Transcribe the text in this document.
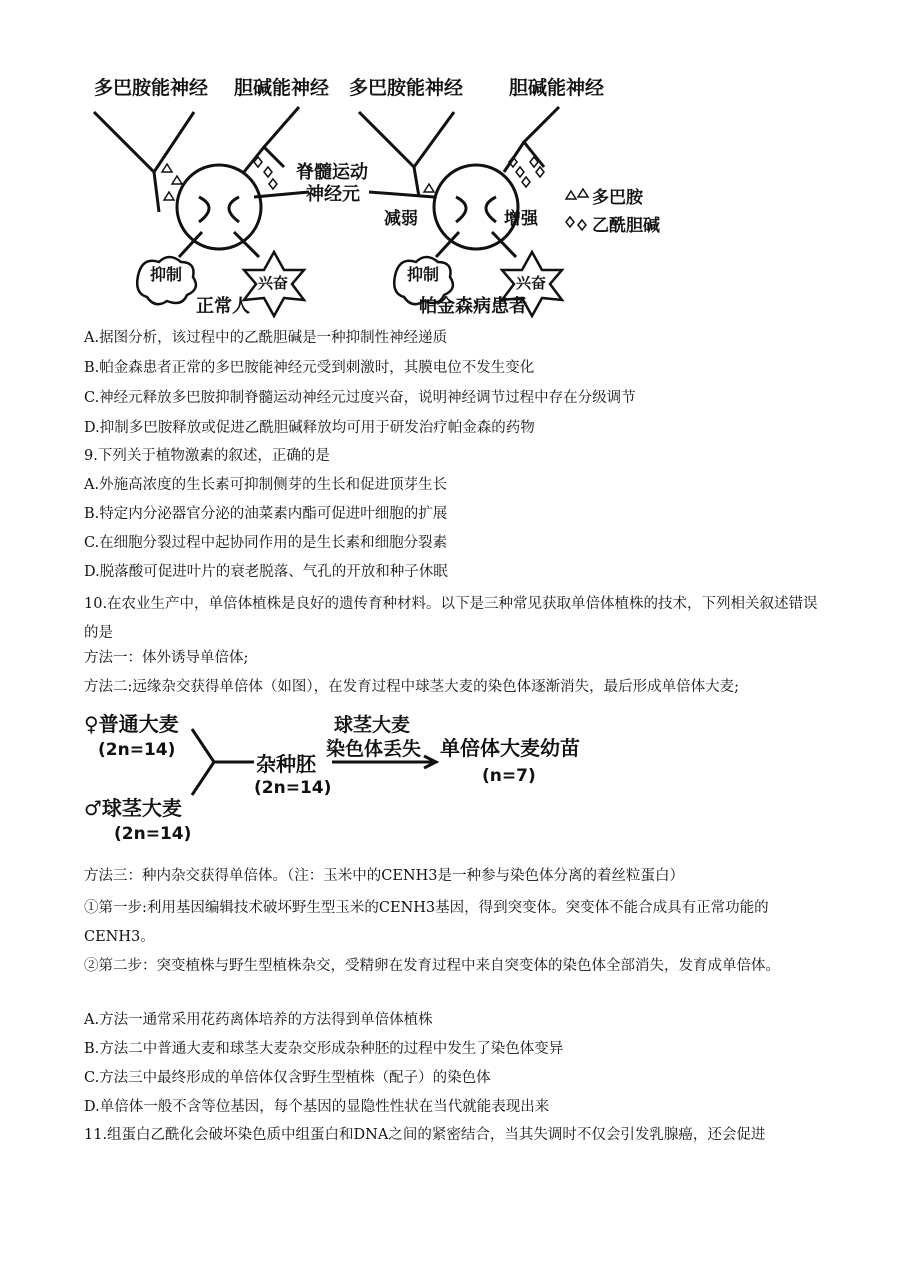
多巴胺能神经 胆碱能神经 多巴胺能神经 胆碱能神经
脊髓运动
神经元
减弱	增强
抑制	兴奋	抑制	兴奋
正常人	帕金森病患者
多巴胺
乙酰胆碱
A.据图分析，该过程中的乙酰胆碱是一种抑制性神经递质
B.帕金森患者正常的多巴胺能神经元受到刺激时，其膜电位不发生变化
C.神经元释放多巴胺抑制脊髓运动神经元过度兴奋，说明神经调节过程中存在分级调节
D.抑制多巴胺释放或促进乙酰胆碱释放均可用于研发治疗帕金森的药物
9.下列关于植物激素的叙述，正确的是
A.外施高浓度的生长素可抑制侧芽的生长和促进顶芽生长
B.特定内分泌器官分泌的油菜素内酯可促进叶细胞的扩展
C.在细胞分裂过程中起协同作用的是生长素和细胞分裂素
D.脱落酸可促进叶片的衰老脱落、气孔的开放和种子休眠
10.在农业生产中，单倍体植株是良好的遗传育种材料。以下是三种常见获取单倍体植株的技术，下列相关叙述错误的是
方法一：体外诱导单倍体;
方法二:远缘杂交获得单倍体（如图），在发育过程中球茎大麦的染色体逐渐消失，最后形成单倍体大麦;
♀普通大麦
(2n=14)
♂球茎大麦
(2n=14)
杂种胚
(2n=14)
球茎大麦
染色体丢失 单倍体大麦幼苗
(n=7)
方法三：种内杂交获得单倍体。（注：玉米中的CENH3是一种参与染色体分离的着丝粒蛋白）
①第一步:利用基因编辑技术破坏野生型玉米的CENH3基因，得到突变体。突变体不能合成具有正常功能的CENH3。
②第二步：突变植株与野生型植株杂交，受精卵在发育过程中来自突变体的染色体全部消失，发育成单倍体。
A.方法一通常采用花药离体培养的方法得到单倍体植株
B.方法二中普通大麦和球茎大麦杂交形成杂种胚的过程中发生了染色体变异
C.方法三中最终形成的单倍体仅含野生型植株（配子）的染色体
D.单倍体一般不含等位基因，每个基因的显隐性性状在当代就能表现出来
11.组蛋白乙酰化会破坏染色质中组蛋白和DNA之间的紧密结合，当其失调时不仅会引发乳腺癌，还会促进
